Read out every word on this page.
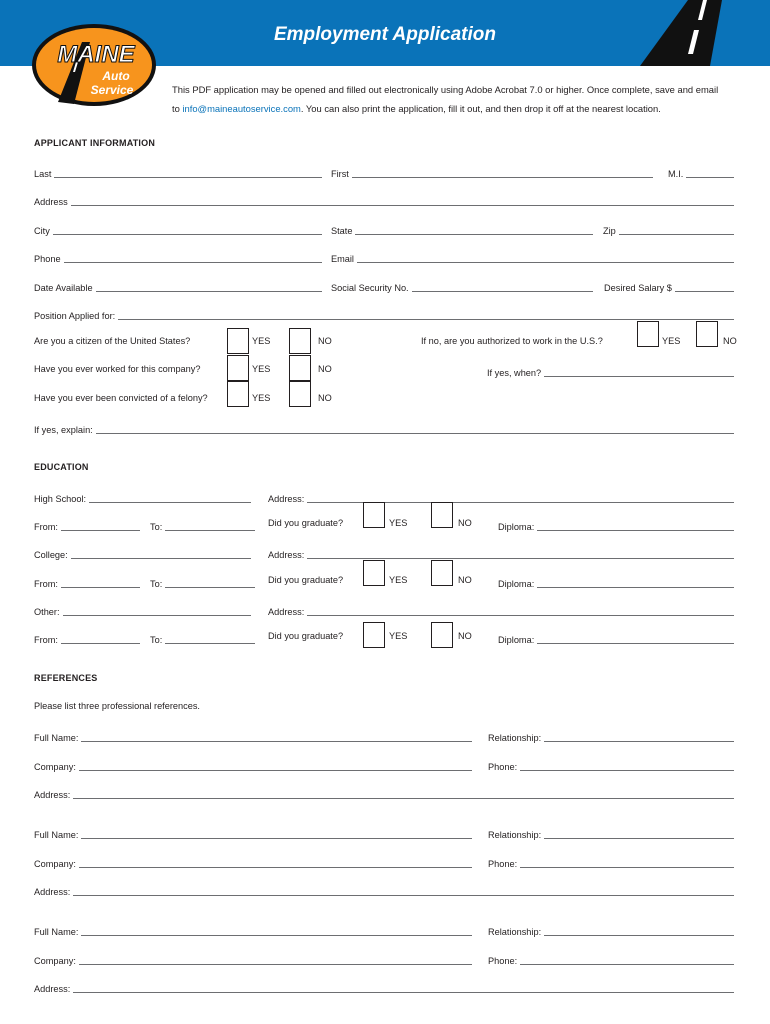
Employment Application
MAINE
Auto
Service	This PDF application may be opened and filled out electronically using Adobe Acrobat 7.0 or higher. Once complete, save and email
to info@maineautoservice.com. You can also print the application, fill it out, and then drop it off at the nearest location.
APPLICANT INFORMATION
Last	First	M.I.
Address
City	State	Zip
Phone	Email
Date Available	Social Security No.	Desired Salary $
Position Applied for:
Are you a citizen of the United States?	YES	NO	If no, are you authorized to work in the U.S.?	YES	NO
Have you ever worked for this company?	YES	NO	If yes, when?
Have you ever been convicted of a felony?	YES	NO
If yes, explain:
EDUCATION
High School:	Address:
From:	To:	Did you graduate?	YES	NO	Diploma:
College:	Address:
From:	To:	Did you graduate?	YES	NO	Diploma:
Other:	Address:
From:	To:	Did you graduate?	YES	NO	Diploma:
REFERENCES
Please list three professional references.
Full Name:	Relationship:
Company:	Phone:
Address:
Full Name:	Relationship:
Company:	Phone:
Address:
Full Name:	Relationship:
Company:	Phone:
Address:
